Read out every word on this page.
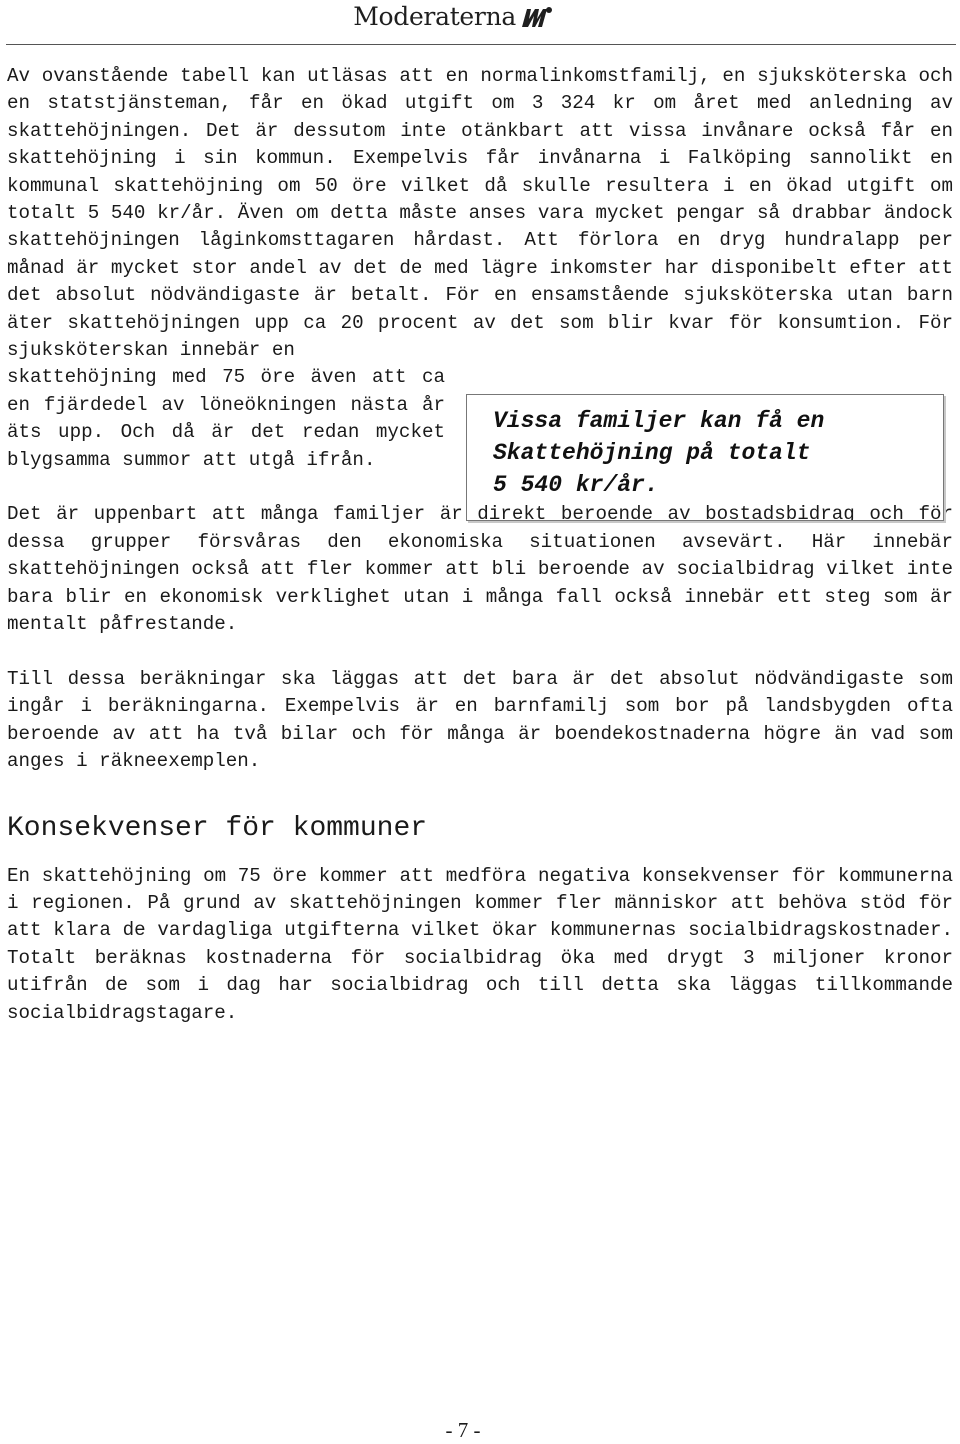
Moderaterna

Av ovanstående tabell kan utläsas att en normalinkomstfamilj, en sjuksköterska och en statstjänsteman, får en ökad utgift om 3 324 kr om året med anledning av skattehöjningen. Det är dessutom inte otänkbart att vissa invånare också får en skattehöjning i sin kommun. Exempelvis får invånarna i Falköping sannolikt en kommunal skattehöjning om 50 öre vilket då skulle resultera i en ökad utgift om totalt 5 540 kr/år. Även om detta måste anses vara mycket pengar så drabbar ändock skattehöjningen låginkomsttagaren hårdast. Att förlora en dryg hundralapp per månad är mycket stor andel av det de med lägre inkomster har disponibelt efter att det absolut nödvändigaste är betalt. För en ensamstående sjuksköterska utan barn äter skattehöjningen upp ca 20 procent av det som blir kvar för konsumtion. För sjuksköterskan innebär en

skattehöjning med 75 öre även att ca en fjärdedel av löneökningen nästa år äts upp. Och då är det redan mycket blygsamma summor att utgå ifrån.

Vissa familjer kan få en
Skattehöjning på totalt
5 540 kr/år.

Det är uppenbart att många familjer är direkt beroende av bostadsbidrag och för dessa grupper försvåras den ekonomiska situationen avsevärt. Här innebär skattehöjningen också att fler kommer att bli beroende av socialbidrag vilket inte bara blir en ekonomisk verklighet utan i många fall också innebär ett steg som är mentalt påfrestande.

Till dessa beräkningar ska läggas att det bara är det absolut nödvändigaste som ingår i beräkningarna. Exempelvis är en barnfamilj som bor på landsbygden ofta beroende av att ha två bilar och för många är boendekostnaderna högre än vad som anges i räkneexemplen.

Konsekvenser för kommuner

En skattehöjning om 75 öre kommer att medföra negativa konsekvenser för kommunerna i regionen. På grund av skattehöjningen kommer fler människor att behöva stöd för att klara de vardagliga utgifterna vilket ökar kommunernas socialbidragskostnader. Totalt beräknas kostnaderna för socialbidrag öka med drygt 3 miljoner kronor utifrån de som i dag har socialbidrag och till detta ska läggas tillkommande socialbidragstagare.

- 7 -
